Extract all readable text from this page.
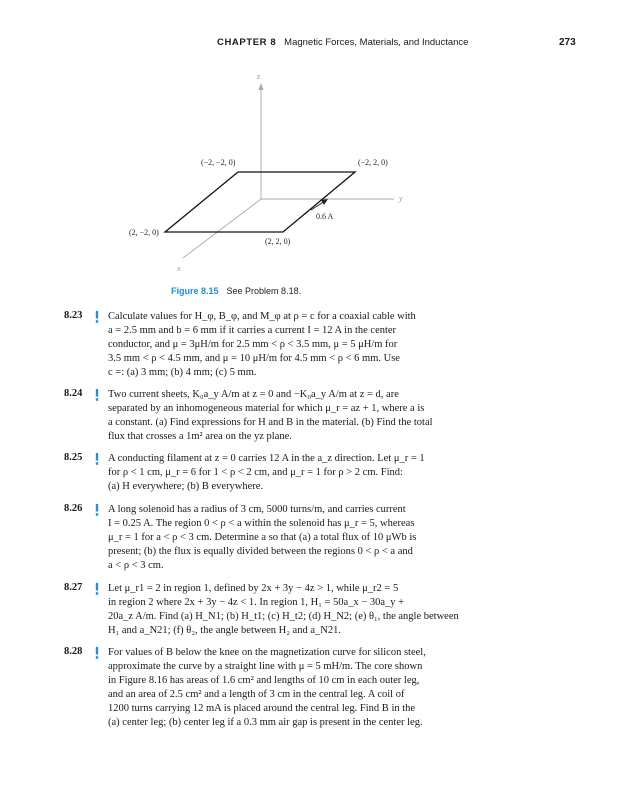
CHAPTER 8 Magnetic Forces, Materials, and Inductance	273
z
y
x
(−2, −2, 0)	(−2, 2, 0)
(2, −2, 0)
(2, 2, 0)
0.6 A
Figure 8.15 See Problem 8.18.
8.23 Calculate values for H_φ, B_φ, and M_φ at ρ = c for a coaxial cable with
a = 2.5 mm and b = 6 mm if it carries a current I = 12 A in the center
conductor, and μ = 3μH/m for 2.5 mm < ρ < 3.5 mm, μ = 5 μH/m for
3.5 mm < ρ < 4.5 mm, and μ = 10 μH/m for 4.5 mm < ρ < 6 mm. Use
c =: (a) 3 mm; (b) 4 mm; (c) 5 mm.
8.24 Two current sheets, K₀a_y A/m at z = 0 and −K₀a_y A/m at z = d, are
separated by an inhomogeneous material for which μ_r = az + 1, where a is
a constant. (a) Find expressions for H and B in the material. (b) Find the total
flux that crosses a 1m² area on the yz plane.
8.25 A conducting filament at z = 0 carries 12 A in the a_z direction. Let μ_r = 1
for ρ < 1 cm, μ_r = 6 for 1 < ρ < 2 cm, and μ_r = 1 for ρ > 2 cm. Find:
(a) H everywhere; (b) B everywhere.
8.26 A long solenoid has a radius of 3 cm, 5000 turns/m, and carries current
I = 0.25 A. The region 0 < ρ < a within the solenoid has μ_r = 5, whereas
μ_r = 1 for a < ρ < 3 cm. Determine a so that (a) a total flux of 10 μWb is
present; (b) the flux is equally divided between the regions 0 < ρ < a and
a < ρ < 3 cm.
8.27 Let μ_r1 = 2 in region 1, defined by 2x + 3y − 4z > 1, while μ_r2 = 5
in region 2 where 2x + 3y − 4z < 1. In region 1, H₁ = 50a_x − 30a_y +
20a_z A/m. Find (a) H_N1; (b) H_t1; (c) H_t2; (d) H_N2; (e) θ₁, the angle between
H₁ and a_N21; (f) θ₂, the angle between H₂ and a_N21.
8.28 For values of B below the knee on the magnetization curve for silicon steel,
approximate the curve by a straight line with μ = 5 mH/m. The core shown
in Figure 8.16 has areas of 1.6 cm² and lengths of 10 cm in each outer leg,
and an area of 2.5 cm² and a length of 3 cm in the central leg. A coil of
1200 turns carrying 12 mA is placed around the central leg. Find B in the
(a) center leg; (b) center leg if a 0.3 mm air gap is present in the center leg.
